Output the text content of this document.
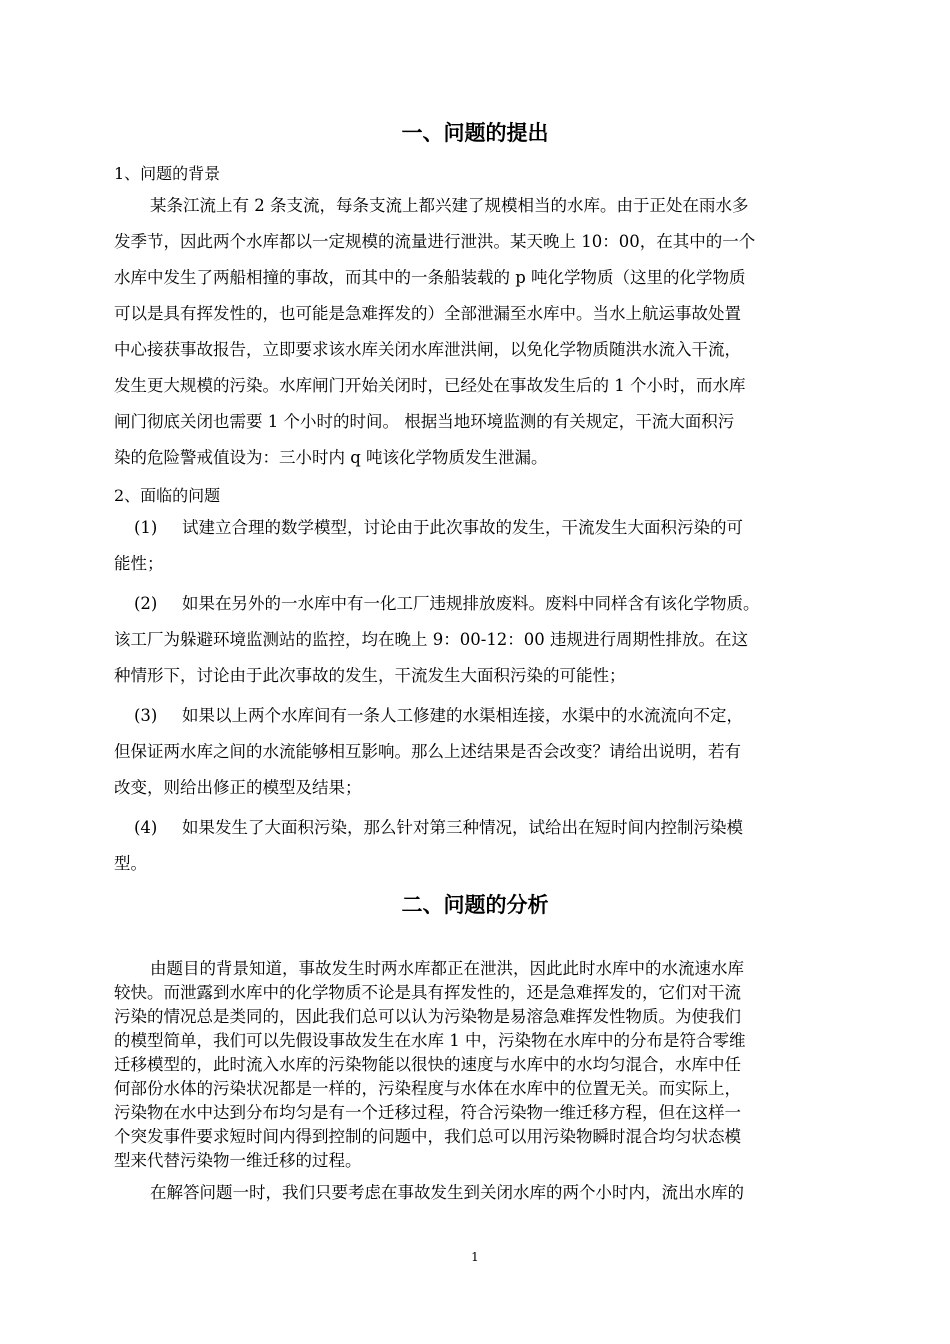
一、问题的提出
1、问题的背景
某条江流上有 2 条支流，每条支流上都兴建了规模相当的水库。由于正处在雨水多
发季节，因此两个水库都以一定规模的流量进行泄洪。某天晚上 10：00，在其中的一个
水库中发生了两船相撞的事故，而其中的一条船装载的 p 吨化学物质（这里的化学物质
可以是具有挥发性的，也可能是急难挥发的）全部泄漏至水库中。当水上航运事故处置
中心接获事故报告，立即要求该水库关闭水库泄洪闸，以免化学物质随洪水流入干流，
发生更大规模的污染。水库闸门开始关闭时，已经处在事故发生后的 1 个小时，而水库
闸门彻底关闭也需要 1 个小时的时间。 根据当地环境监测的有关规定，干流大面积污
染的危险警戒值设为：三小时内 q 吨该化学物质发生泄漏。
2、面临的问题
(1) 试建立合理的数学模型，讨论由于此次事故的发生，干流发生大面积污染的可
能性；
(2) 如果在另外的一水库中有一化工厂违规排放废料。废料中同样含有该化学物质。
该工厂为躲避环境监测站的监控，均在晚上 9：00-12：00 违规进行周期性排放。在这
种情形下，讨论由于此次事故的发生，干流发生大面积污染的可能性；
(3) 如果以上两个水库间有一条人工修建的水渠相连接，水渠中的水流流向不定，
但保证两水库之间的水流能够相互影响。那么上述结果是否会改变？请给出说明，若有
改变，则给出修正的模型及结果；
(4) 如果发生了大面积污染，那么针对第三种情况，试给出在短时间内控制污染模
型。
二、问题的分析
由题目的背景知道，事故发生时两水库都正在泄洪，因此此时水库中的水流速水库
较快。而泄露到水库中的化学物质不论是具有挥发性的，还是急难挥发的，它们对干流
污染的情况总是类同的，因此我们总可以认为污染物是易溶急难挥发性物质。为使我们
的模型简单，我们可以先假设事故发生在水库 1 中，污染物在水库中的分布是符合零维
迁移模型的，此时流入水库的污染物能以很快的速度与水库中的水均匀混合，水库中任
何部份水体的污染状况都是一样的，污染程度与水体在水库中的位置无关。而实际上，
污染物在水中达到分布均匀是有一个迁移过程，符合污染物一维迁移方程，但在这样一
个突发事件要求短时间内得到控制的问题中，我们总可以用污染物瞬时混合均匀状态模
型来代替污染物一维迁移的过程。
在解答问题一时，我们只要考虑在事故发生到关闭水库的两个小时内，流出水库的
1
